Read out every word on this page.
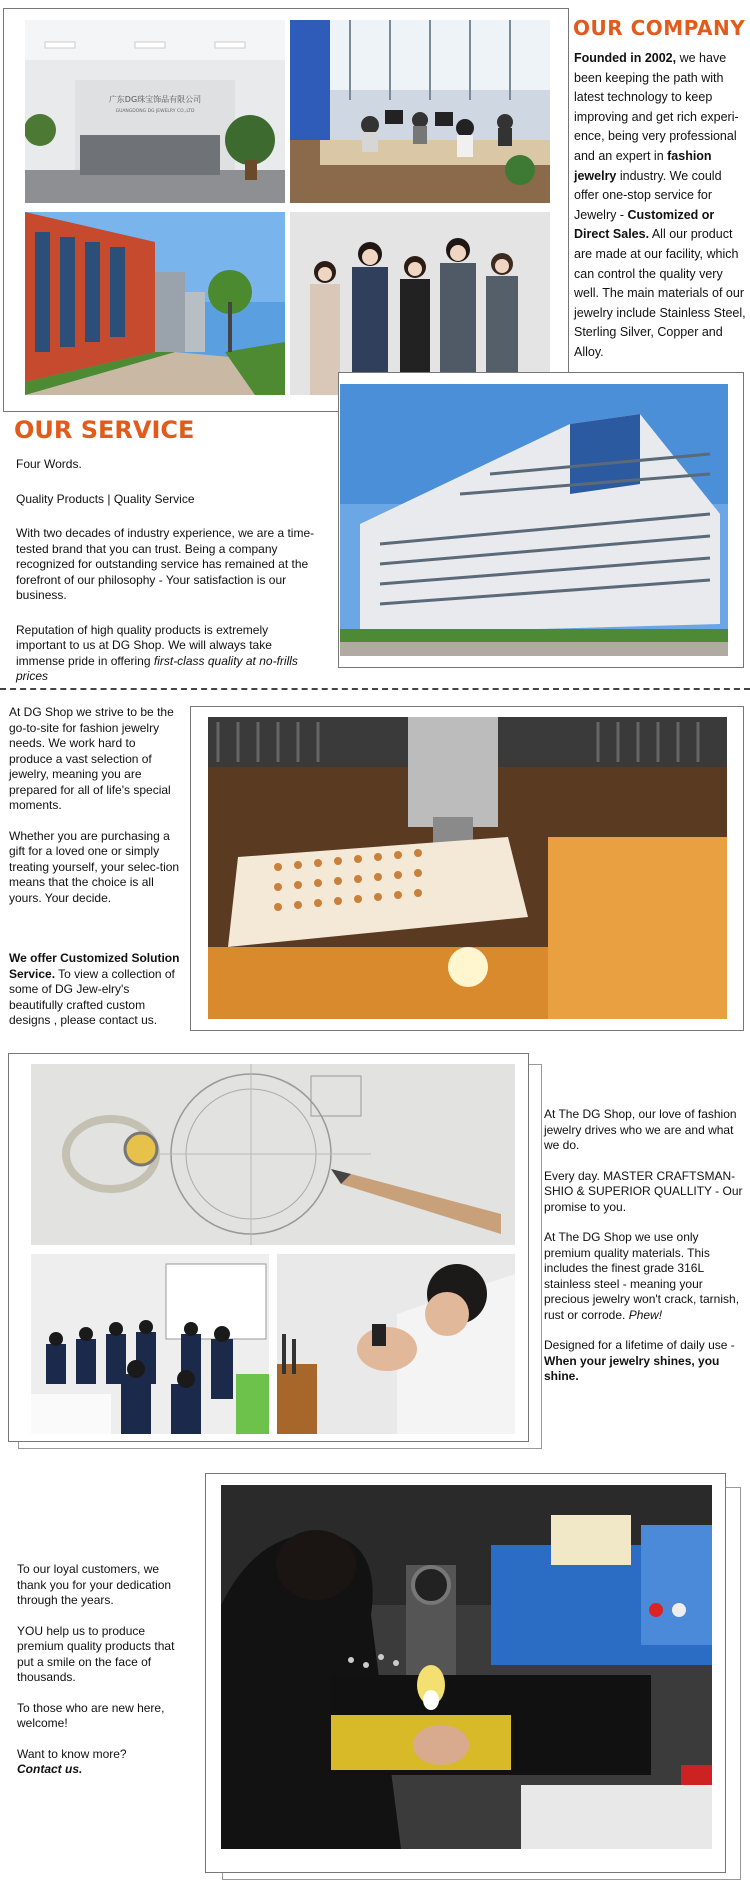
广东DG珠宝饰品有限公司
GUANGDONG DG JEWELRY CO.,LTD
OUR COMPANY
Founded in 2002, we have been keeping the path with latest technology to keep improving and get rich experi-ence, being very professional and an expert in fashion jewelry industry. We could offer one-stop service for Jewelry - Customized or Direct Sales. All our product are made at our facility, which can control the quality very well. The main materials of our jewelry include Stainless Steel, Sterling Silver, Copper and Alloy.
OUR SERVICE

Four Words.

Quality Products | Quality Service

With two decades of industry experience, we are a time-tested brand that you can trust. Being a company recognized for outstanding service has remained at the forefront of our philosophy - Your satisfaction is our business.

Reputation of high quality products is extremely important to us at DG Shop. We will always take immense pride in offering first-class quality at no-frills prices

At DG Shop we strive to be the go-to-site for fashion jewelry needs. We work hard to produce a vast selection of jewelry, meaning you are prepared for all of life's special moments.

Whether you are purchasing a gift for a loved one or simply treating yourself, your selec-tion means that the choice is all yours. Your decide.

We offer Customized Solution Service. To view a collection of some of DG Jew-elry's beautifully crafted custom designs , please contact us.

At The DG Shop, our love of fashion jewelry drives who we are and what we do.

Every day. MASTER CRAFTSMAN-SHIO & SUPERIOR QUALLITY - Our promise to you.

At The DG Shop we use only premium quality materials. This includes the finest grade 316L stainless steel - meaning your precious jewelry won't crack, tarnish, rust or corrode. Phew!

Designed for a lifetime of daily use - When your jewelry shines, you shine.

To our loyal customers, we thank you for your dedication through the years.

YOU help us to produce premium quality products that put a smile on the face of thousands.

To those who are new here, welcome!

Want to know more?
Contact us.
